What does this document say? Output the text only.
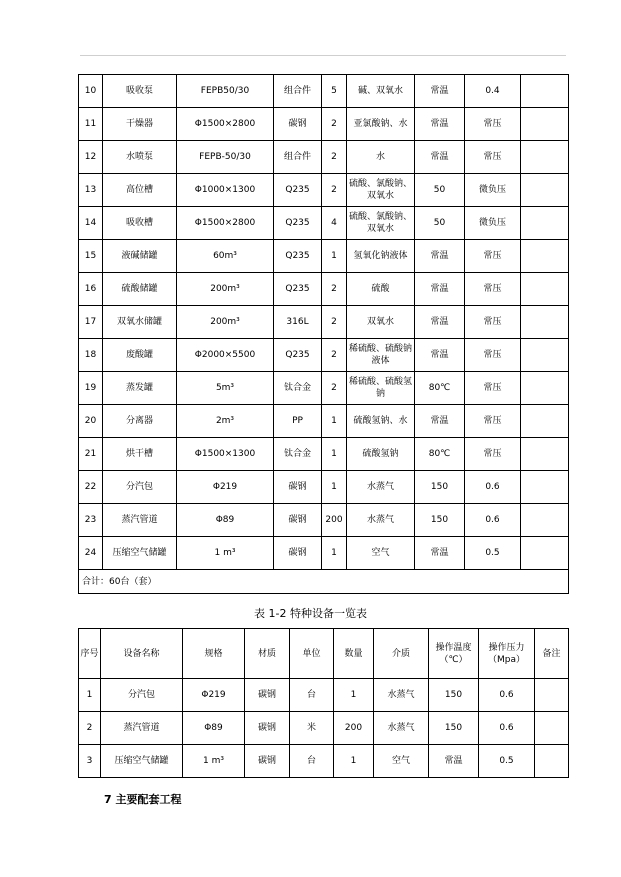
10	吸收泵	FEPB50/30	组合件	5	碱、双氧水	常温	0.4	
11	干燥器	Φ1500×2800	碳钢	2	亚氯酸钠、水	常温	常压	
12	水喷泵	FEPB-50/30	组合件	2	水	常温	常压	
13	高位槽	Φ1000×1300	Q235	2	硫酸、氯酸钠、双氧水	50	微负压	
14	吸收槽	Φ1500×2800	Q235	4	硫酸、氯酸钠、双氧水	50	微负压	
15	液碱储罐	60m³	Q235	1	氢氧化钠液体	常温	常压	
16	硫酸储罐	200m³	Q235	2	硫酸	常温	常压	
17	双氧水储罐	200m³	316L	2	双氧水	常温	常压	
18	废酸罐	Φ2000×5500	Q235	2	稀硫酸、硫酸钠液体	常温	常压	
19	蒸发罐	5m³	钛合金	2	稀硫酸、硫酸氢钠	80℃	常压	
20	分离器	2m³	PP	1	硫酸氢钠、水	常温	常压	
21	烘干槽	Φ1500×1300	钛合金	1	硫酸氢钠	80℃	常压	
22	分汽包	Φ219	碳钢	1	水蒸气	150	0.6	
23	蒸汽管道	Φ89	碳钢	200	水蒸气	150	0.6	
24	压缩空气储罐	1 m³	碳钢	1	空气	常温	0.5	
合计：60台（套）								
表 1-2 特种设备一览表
序号	设备名称	规格	材质	单位	数量	介质	操作温度（℃）	操作压力（Mpa）	备注
1	分汽包	Φ219	碳钢	台	1	水蒸气	150	0.6	
2	蒸汽管道	Φ89	碳钢	米	200	水蒸气	150	0.6	
3	压缩空气储罐	1 m³	碳钢	台	1	空气	常温	0.5	
7 主要配套工程
